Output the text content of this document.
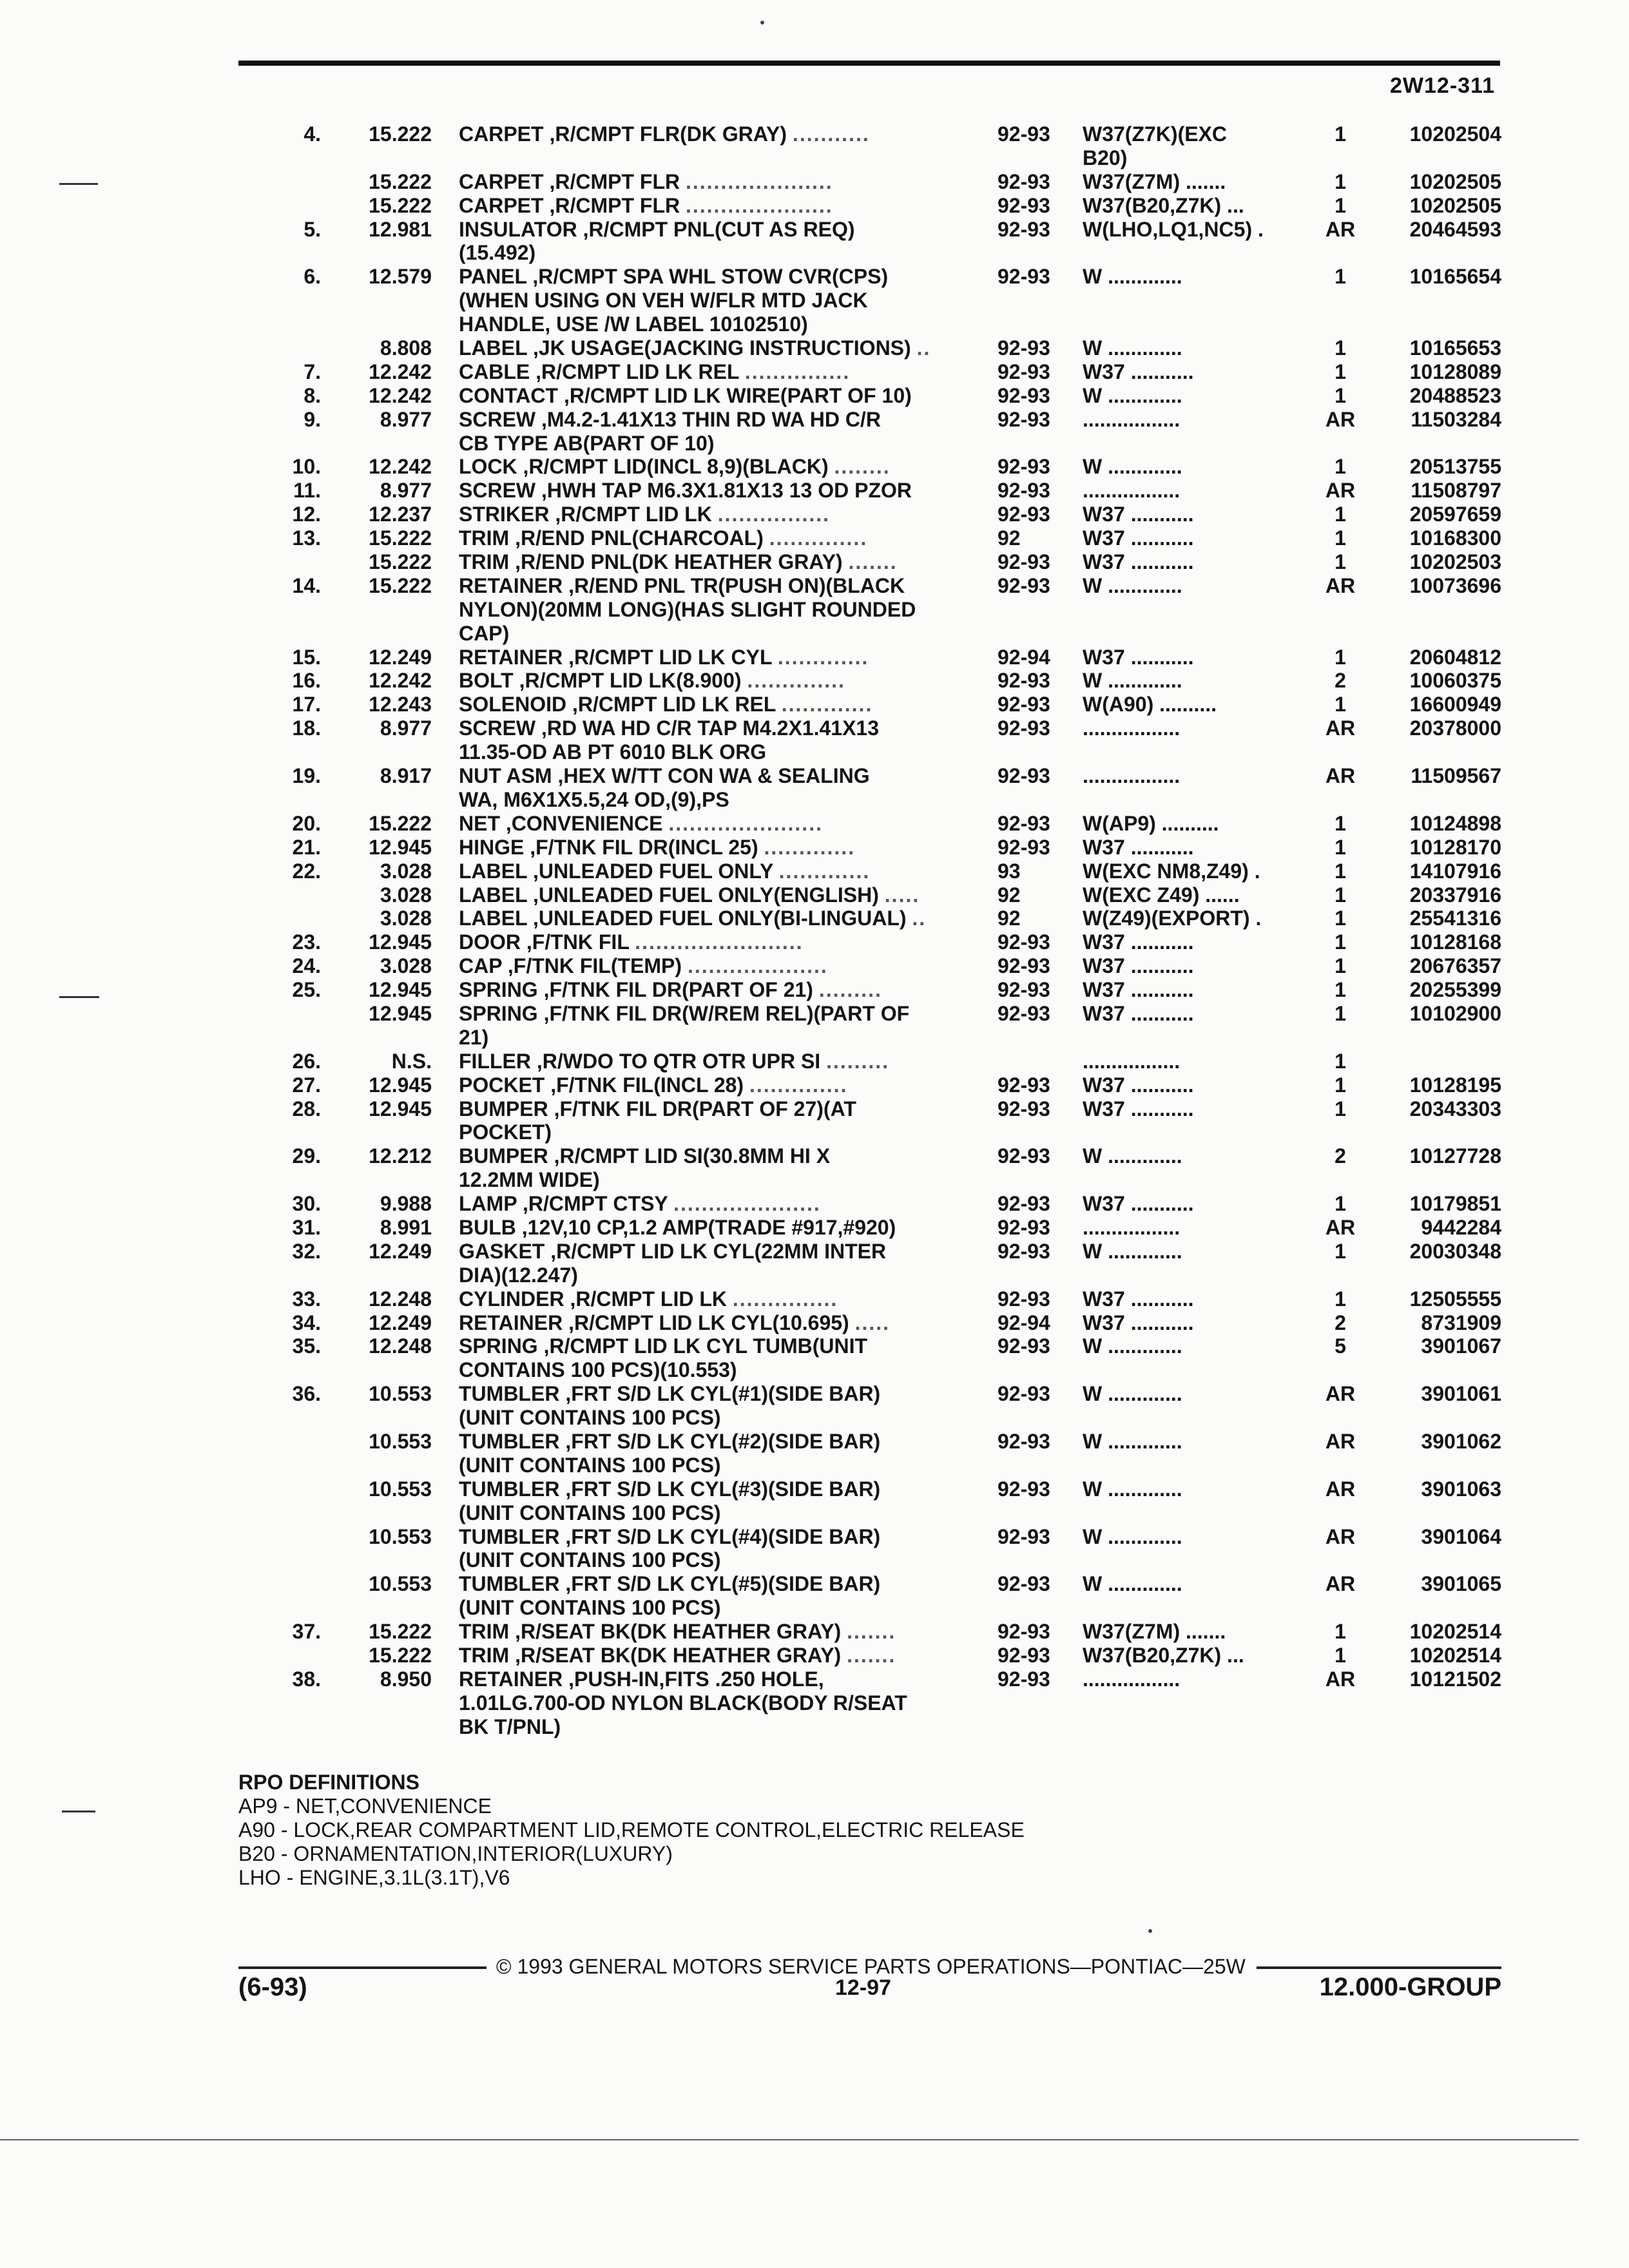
2W12-311
4.	15.222 CARPET ,R/CMPT FLR(DK GRAY) ...........	92-93	W37(Z7K)(EXC	1	10202504
B20)
15.222 CARPET ,R/CMPT FLR .....................	92-93	W37(Z7M) .......	1	10202505
15.222 CARPET ,R/CMPT FLR .....................	92-93	W37(B20,Z7K) ...	1	10202505
5.	12.981 INSULATOR ,R/CMPT PNL(CUT AS REQ)	92-93	W(LHO,LQ1,NC5) .	AR	20464593
(15.492)
6.	12.579 PANEL ,R/CMPT SPA WHL STOW CVR(CPS)	92-93	W .............	1	10165654
(WHEN USING ON VEH W/FLR MTD JACK
HANDLE, USE /W LABEL 10102510)
8.808 LABEL ,JK USAGE(JACKING INSTRUCTIONS) ..	92-93	W .............	1	10165653
7.	12.242 CABLE ,R/CMPT LID LK REL ...............	92-93	W37 ...........	1	10128089
8.	12.242 CONTACT ,R/CMPT LID LK WIRE(PART OF 10)	92-93	W .............	1	20488523
9.	8.977 SCREW ,M4.2-1.41X13 THIN RD WA HD C/R	92-93	.................	AR	11503284
CB TYPE AB(PART OF 10)
10.	12.242 LOCK ,R/CMPT LID(INCL 8,9)(BLACK) ........	92-93	W .............	1	20513755
11.	8.977 SCREW ,HWH TAP M6.3X1.81X13 13 OD PZOR	92-93	.................	AR	11508797
12.	12.237 STRIKER ,R/CMPT LID LK ................	92-93	W37 ...........	1	20597659
13.	15.222 TRIM ,R/END PNL(CHARCOAL) ..............	92	W37 ...........	1	10168300
15.222 TRIM ,R/END PNL(DK HEATHER GRAY) .......	92-93	W37 ...........	1	10202503
14.	15.222 RETAINER ,R/END PNL TR(PUSH ON)(BLACK	92-93	W .............	AR	10073696
NYLON)(20MM LONG)(HAS SLIGHT ROUNDED
CAP)
15.	12.249 RETAINER ,R/CMPT LID LK CYL .............	92-94	W37 ...........	1	20604812
16.	12.242 BOLT ,R/CMPT LID LK(8.900) ..............	92-93	W .............	2	10060375
17.	12.243 SOLENOID ,R/CMPT LID LK REL .............	92-93	W(A90) ..........	1	16600949
18.	8.977 SCREW ,RD WA HD C/R TAP M4.2X1.41X13	92-93	.................	AR	20378000
11.35-OD AB PT 6010 BLK ORG
19.	8.917 NUT ASM ,HEX W/TT CON WA & SEALING	92-93	.................	AR	11509567
WA, M6X1X5.5,24 OD,(9),PS
20.	15.222 NET ,CONVENIENCE ......................	92-93	W(AP9) ..........	1	10124898
21.	12.945 HINGE ,F/TNK FIL DR(INCL 25) .............	92-93	W37 ...........	1	10128170
22.	3.028 LABEL ,UNLEADED FUEL ONLY .............	93	W(EXC NM8,Z49) .	1	14107916
3.028 LABEL ,UNLEADED FUEL ONLY(ENGLISH) .....	92	W(EXC Z49) ......	1	20337916
3.028 LABEL ,UNLEADED FUEL ONLY(BI-LINGUAL) ..	92	W(Z49)(EXPORT) .	1	25541316
23.	12.945 DOOR ,F/TNK FIL ........................	92-93	W37 ...........	1	10128168
24.	3.028 CAP ,F/TNK FIL(TEMP) ....................	92-93	W37 ...........	1	20676357
25.	12.945 SPRING ,F/TNK FIL DR(PART OF 21) .........	92-93	W37 ...........	1	20255399
12.945 SPRING ,F/TNK FIL DR(W/REM REL)(PART OF	92-93	W37 ...........	1	10102900
21)
26.	N.S. FILLER ,R/WDO TO QTR OTR UPR SI .........	.................	1
27.	12.945 POCKET ,F/TNK FIL(INCL 28) ..............	92-93	W37 ...........	1	10128195
28.	12.945 BUMPER ,F/TNK FIL DR(PART OF 27)(AT	92-93	W37 ...........	1	20343303
POCKET)
29.	12.212 BUMPER ,R/CMPT LID SI(30.8MM HI X	92-93	W .............	2	10127728
12.2MM WIDE)
30.	9.988 LAMP ,R/CMPT CTSY .....................	92-93	W37 ...........	1	10179851
31.	8.991 BULB ,12V,10 CP,1.2 AMP(TRADE #917,#920)	92-93	.................	AR	9442284
32.	12.249 GASKET ,R/CMPT LID LK CYL(22MM INTER	92-93	W .............	1	20030348
DIA)(12.247)
33.	12.248 CYLINDER ,R/CMPT LID LK ...............	92-93	W37 ...........	1	12505555
34.	12.249 RETAINER ,R/CMPT LID LK CYL(10.695) .....	92-94	W37 ...........	2	8731909
35.	12.248 SPRING ,R/CMPT LID LK CYL TUMB(UNIT	92-93	W .............	5	3901067
CONTAINS 100 PCS)(10.553)
36.	10.553 TUMBLER ,FRT S/D LK CYL(#1)(SIDE BAR)	92-93	W .............	AR	3901061
(UNIT CONTAINS 100 PCS)
10.553 TUMBLER ,FRT S/D LK CYL(#2)(SIDE BAR)	92-93	W .............	AR	3901062
(UNIT CONTAINS 100 PCS)
10.553 TUMBLER ,FRT S/D LK CYL(#3)(SIDE BAR)	92-93	W .............	AR	3901063
(UNIT CONTAINS 100 PCS)
10.553 TUMBLER ,FRT S/D LK CYL(#4)(SIDE BAR)	92-93	W .............	AR	3901064
(UNIT CONTAINS 100 PCS)
10.553 TUMBLER ,FRT S/D LK CYL(#5)(SIDE BAR)	92-93	W .............	AR	3901065
(UNIT CONTAINS 100 PCS)
37.	15.222 TRIM ,R/SEAT BK(DK HEATHER GRAY) .......	92-93	W37(Z7M) .......	1	10202514
15.222 TRIM ,R/SEAT BK(DK HEATHER GRAY) .......	92-93	W37(B20,Z7K) ...	1	10202514
38.	8.950 RETAINER ,PUSH-IN,FITS .250 HOLE,	92-93	.................	AR	10121502
1.01LG.700-OD NYLON BLACK(BODY R/SEAT
BK T/PNL)
RPO DEFINITIONS
AP9 - NET,CONVENIENCE
A90 - LOCK,REAR COMPARTMENT LID,REMOTE CONTROL,ELECTRIC RELEASE
B20 - ORNAMENTATION,INTERIOR(LUXURY)
LHO - ENGINE,3.1L(3.1T),V6
© 1993 GENERAL MOTORS SERVICE PARTS OPERATIONS—PONTIAC—25W
(6-93)	12-97	12.000-GROUP
